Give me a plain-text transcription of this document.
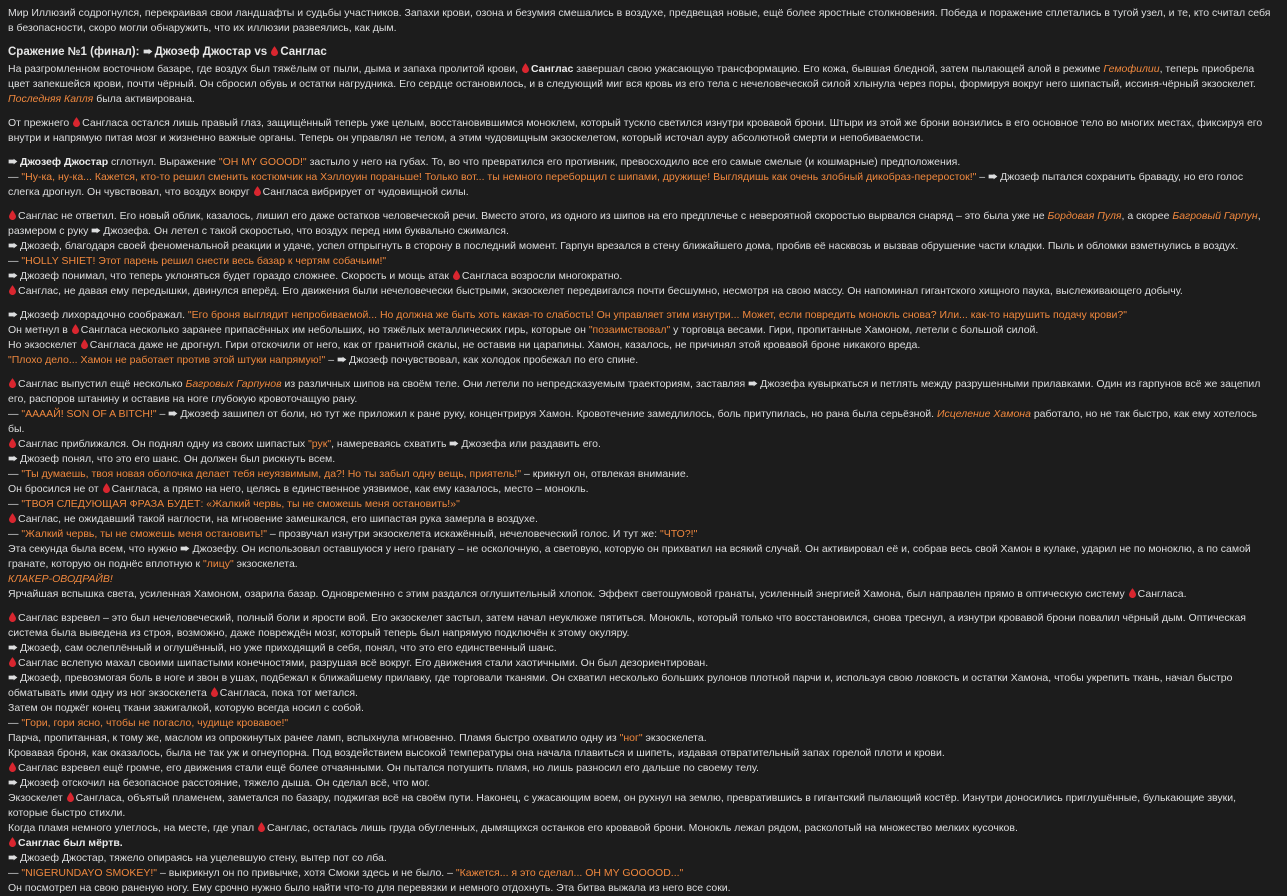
Мир Иллюзий содрогнулся, перекраивая свои ландшафты и судьбы участников. Запахи крови, озона и безумия смешались в воздухе, предвещая новые, ещё более яростные столкновения. Победа и поражение сплетались в тугой узел, и те, кто считал себя в безопасности, скоро могли обнаружить, что их иллюзии развеялись, как дым.

Сражение №1 (финал): Джозеф Джостар vs Санглас

На разгромленном восточном базаре, где воздух был тяжёлым от пыли, дыма и запаха пролитой крови, Санглас завершал свою ужасающую трансформацию. Его кожа, бывшая бледной, затем пылающей алой в режиме Гемофилии, теперь приобрела цвет запекшейся крови, почти чёрный. Он сбросил обувь и остатки нагрудника. Его сердце остановилось, и в следующий миг вся кровь из его тела с нечеловеческой силой хлынула через поры, формируя вокруг него шипастый, иссиня-чёрный экзоскелет. Последняя Капля была активирована.

От прежнего Сангласа остался лишь правый глаз, защищённый теперь уже целым, восстановившимся моноклем, который тускло светился изнутри кровавой брони. Штыри из этой же брони вонзились в его основное тело во многих местах, фиксируя его внутри и напрямую питая мозг и жизненно важные органы. Теперь он управлял не телом, а этим чудовищным экзоскелетом, который источал ауру абсолютной смерти и непобиваемости.

Джозеф Джостар сглотнул. Выражение "OH MY GOOOD!" застыло у него на губах. То, во что превратился его противник, превосходило все его самые смелые (и кошмарные) предположения.

— "Ну-ка, ну-ка... Кажется, кто-то решил сменить костюмчик на Хэллоуин пораньше! Только вот... ты немного переборщил с шипами, дружище! Выглядишь как очень злобный дикобраз-переросток!" – Джозеф пытался сохранить браваду, но его голос слегка дрогнул. Он чувствовал, что воздух вокруг Сангласа вибрирует от чудовищной силы.

Санглас не ответил. Его новый облик, казалось, лишил его даже остатков человеческой речи. Вместо этого, из одного из шипов на его предплечье с невероятной скоростью вырвался снаряд – это была уже не Бордовая Пуля, а скорее Багровый Гарпун, размером с руку Джозефа. Он летел с такой скоростью, что воздух перед ним буквально сжимался.

Джозеф, благодаря своей феноменальной реакции и удаче, успел отпрыгнуть в сторону в последний момент. Гарпун врезался в стену ближайшего дома, пробив её насквозь и вызвав обрушение части кладки. Пыль и обломки взметнулись в воздух.

— "HOLLY SHIET! Этот парень решил снести весь базар к чертям собачьим!"

Джозеф понимал, что теперь уклоняться будет гораздо сложнее. Скорость и мощь атак Сангласа возросли многократно.

Санглас, не давая ему передышки, двинулся вперёд. Его движения были нечеловечески быстрыми, экзоскелет передвигался почти бесшумно, несмотря на свою массу. Он напоминал гигантского хищного паука, выслеживающего добычу.

Джозеф лихорадочно соображал. "Его броня выглядит непробиваемой... Но должна же быть хоть какая-то слабость! Он управляет этим изнутри... Может, если повредить монокль снова? Или... как-то нарушить подачу крови?"

Он метнул в Сангласа несколько заранее припасённых им небольших, но тяжёлых металлических гирь, которые он "позаимствовал" у торговца весами. Гири, пропитанные Хамоном, летели с большой силой.

Но экзоскелет Сангласа даже не дрогнул. Гири отскочили от него, как от гранитной скалы, не оставив ни царапины. Хамон, казалось, не причинял этой кровавой броне никакого вреда.

"Плохо дело... Хамон не работает против этой штуки напрямую!" – Джозеф почувствовал, как холодок пробежал по его спине.

Санглас выпустил ещё несколько Багровых Гарпунов из различных шипов на своём теле. Они летели по непредсказуемым траекториям, заставляя Джозефа кувыркаться и петлять между разрушенными прилавками. Один из гарпунов всё же зацепил его, распоров штанину и оставив на ноге глубокую кровоточащую рану.

— "ААААЙ! SON OF A BITCH!" – Джозеф зашипел от боли, но тут же приложил к ране руку, концентрируя Хамон. Кровотечение замедлилось, боль притупилась, но рана была серьёзной. Исцеление Хамона работало, но не так быстро, как ему хотелось бы.

Санглас приближался. Он поднял одну из своих шипастых "рук", намереваясь схватить Джозефа или раздавить его.

Джозеф понял, что это его шанс. Он должен был рискнуть всем.

— "Ты думаешь, твоя новая оболочка делает тебя неуязвимым, да?! Но ты забыл одну вещь, приятель!" – крикнул он, отвлекая внимание.

Он бросился не от Сангласа, а прямо на него, целясь в единственное уязвимое, как ему казалось, место – монокль.

— "ТВОЯ СЛЕДУЮЩАЯ ФРАЗА БУДЕТ: «Жалкий червь, ты не сможешь меня остановить!»"

Санглас, не ожидавший такой наглости, на мгновение замешкался, его шипастая рука замерла в воздухе.

— "Жалкий червь, ты не сможешь меня остановить!" – прозвучал изнутри экзоскелета искажённый, нечеловеческий голос. И тут же: "ЧТО?!"

Эта секунда была всем, что нужно Джозефу. Он использовал оставшуюся у него гранату – не осколочную, а световую, которую он прихватил на всякий случай. Он активировал её и, собрав весь свой Хамон в кулаке, ударил не по моноклю, а по самой гранате, которую он поднёс вплотную к "лицу" экзоскелета.

КЛАКЕР-ОВОДРАЙВ!

Ярчайшая вспышка света, усиленная Хамоном, озарила базар. Одновременно с этим раздался оглушительный хлопок. Эффект светошумовой гранаты, усиленный энергией Хамона, был направлен прямо в оптическую систему Сангласа.

Санглас взревел – это был нечеловеческий, полный боли и ярости вой. Его экзоскелет застыл, затем начал неуклюже пятиться. Монокль, который только что восстановился, снова треснул, а изнутри кровавой брони повалил чёрный дым. Оптическая система была выведена из строя, возможно, даже повреждён мозг, который теперь был напрямую подключён к этому окуляру.

Джозеф, сам ослеплённый и оглушённый, но уже приходящий в себя, понял, что это его единственный шанс.

Санглас вслепую махал своими шипастыми конечностями, разрушая всё вокруг. Его движения стали хаотичными. Он был дезориентирован.

Джозеф, превозмогая боль в ноге и звон в ушах, подбежал к ближайшему прилавку, где торговали тканями. Он схватил несколько больших рулонов плотной парчи и, используя свою ловкость и остатки Хамона, чтобы укрепить ткань, начал быстро обматывать ими одну из ног экзоскелета Сангласа, пока тот метался.

Затем он поджёг конец ткани зажигалкой, которую всегда носил с собой.

— "Гори, гори ясно, чтобы не погасло, чудище кровавое!"

Парча, пропитанная, к тому же, маслом из опрокинутых ранее ламп, вспыхнула мгновенно. Пламя быстро охватило одну из "ног" экзоскелета.

Кровавая броня, как оказалось, была не так уж и огнеупорна. Под воздействием высокой температуры она начала плавиться и шипеть, издавая отвратительный запах горелой плоти и крови.

Санглас взревел ещё громче, его движения стали ещё более отчаянными. Он пытался потушить пламя, но лишь разносил его дальше по своему телу.

Джозеф отскочил на безопасное расстояние, тяжело дыша. Он сделал всё, что мог.

Экзоскелет Сангласа, объятый пламенем, заметался по базару, поджигая всё на своём пути. Наконец, с ужасающим воем, он рухнул на землю, превратившись в гигантский пылающий костёр. Изнутри доносились приглушённые, булькающие звуки, которые быстро стихли.

Когда пламя немного улеглось, на месте, где упал Санглас, осталась лишь груда обугленных, дымящихся останков его кровавой брони. Монокль лежал рядом, расколотый на множество мелких кусочков.

Санглас был мёртв.

Джозеф Джостар, тяжело опираясь на уцелевшую стену, вытер пот со лба.

— "NIGERUNDAYO SMOKEY!" – выкрикнул он по привычке, хотя Смоки здесь и не было. – "Кажется... я это сделал... OH MY GOOOOD..."

Он посмотрел на свою раненую ногу. Ему срочно нужно было найти что-то для перевязки и немного отдохнуть. Эта битва выжала из него все соки.
